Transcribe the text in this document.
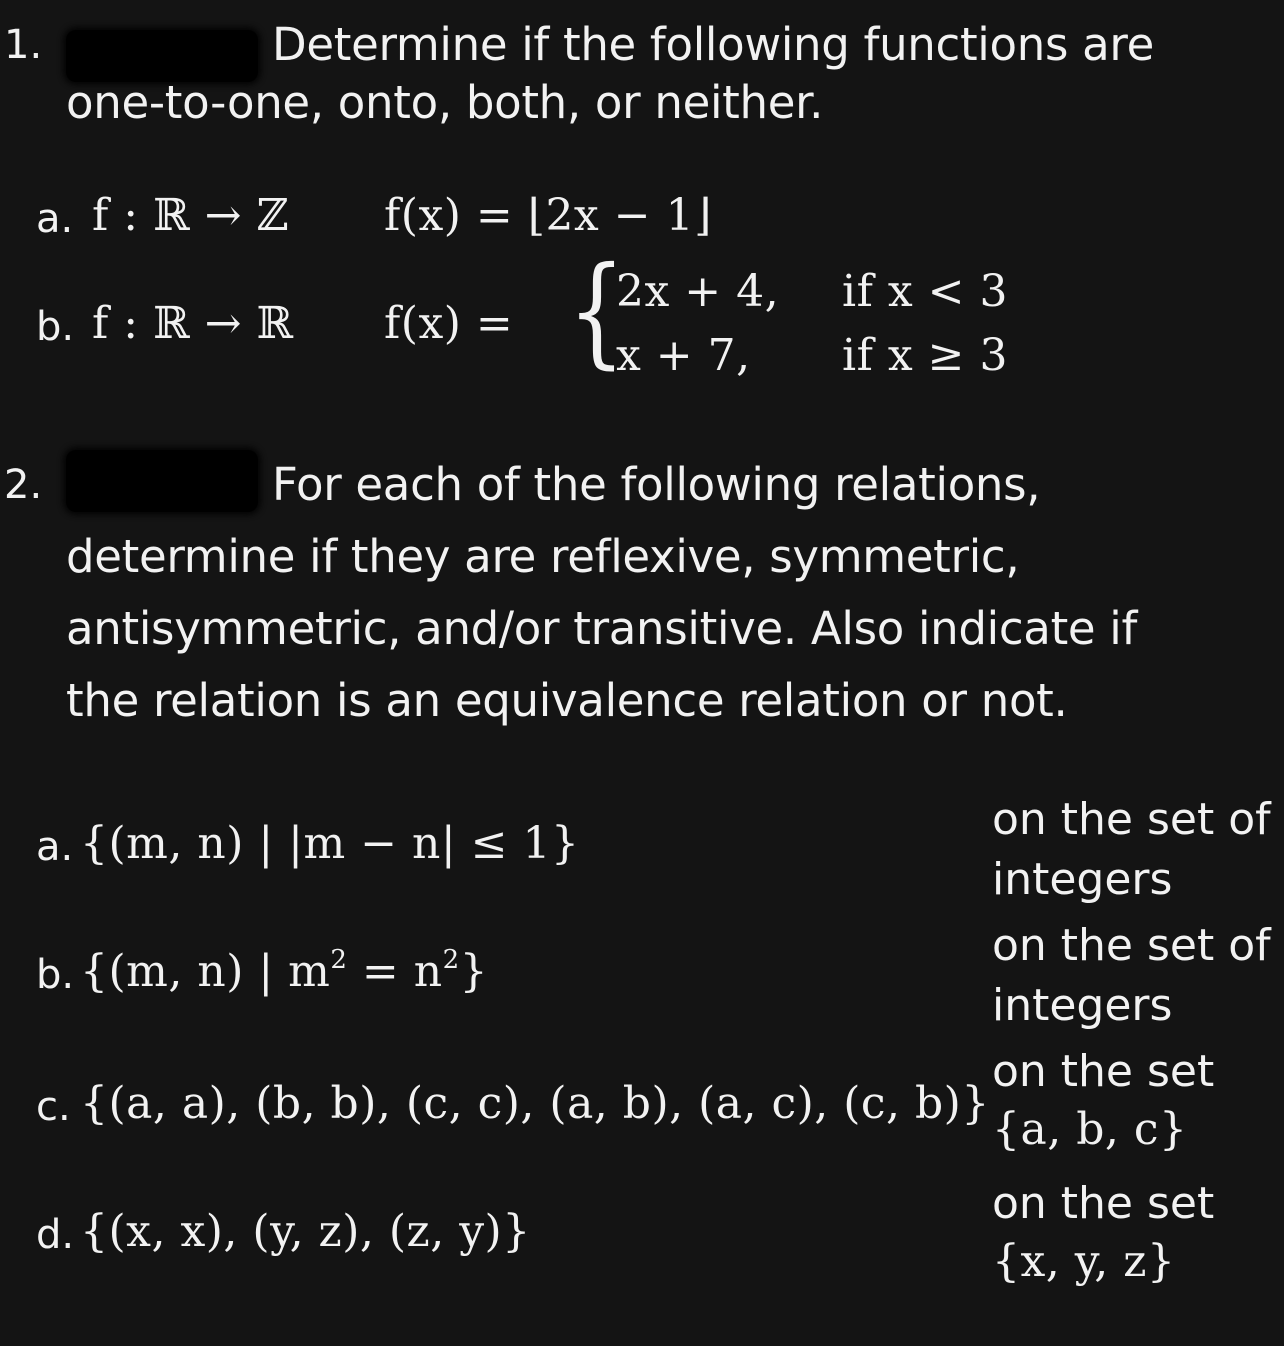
1.	Determine if the following functions are
one-to-one, onto, both, or neither.
a. f : ℝ → ℤ f(x) = ⌊2x − 1⌋
b. f : ℝ → ℝ f(x) = {
2x + 4, if x < 3
x + 7, if x ≥ 3
2.	For each of the following relations,
determine if they are reflexive, symmetric,
antisymmetric, and/or transitive. Also indicate if
the relation is an equivalence relation or not.
a. {(m, n) | |m − n| ≤ 1}	on the set of
integers
b. {(m, n) | $m^2 = n^2$}
on the set of
integers
c. {(a, a), (b, b), (c, c), (a, b), (a, c), (c, b)}
on the set
{a, b, c}
d. {(x, x), (y, z), (z, y)}
on the set
{x, y, z}
